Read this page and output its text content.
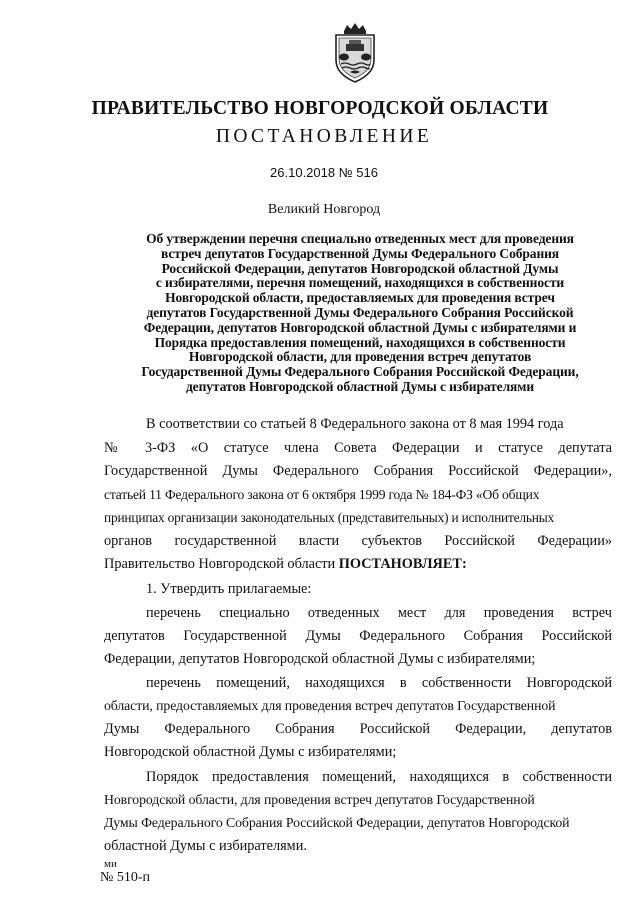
ПРАВИТЕЛЬСТВО НОВГОРОДСКОЙ ОБЛАСТИ
ПОСТАНОВЛЕНИЕ
26.10.2018 № 516
Великий Новгород
Об утверждении перечня специально отведенных мест для проведения
встреч депутатов Государственной Думы Федерального Собрания
Российской Федерации, депутатов Новгородской областной Думы
с избирателями, перечня помещений, находящихся в собственности
Новгородской области, предоставляемых для проведения встреч
депутатов Государственной Думы Федерального Собрания Российской
Федерации, депутатов Новгородской областной Думы с избирателями и
Порядка предоставления помещений, находящихся в собственности
Новгородской области, для проведения встреч депутатов
Государственной Думы Федерального Собрания Российской Федерации,
депутатов Новгородской областной Думы с избирателями
В соответствии со статьей 8 Федерального закона от 8 мая 1994 года
№ 3-ФЗ «О статусе члена Совета Федерации и статусе депутата
Государственной Думы Федерального Собрания Российской Федерации»,
статьей 11 Федерального закона от 6 октября 1999 года № 184-ФЗ «Об общих
принципах организации законодательных (представительных) и исполнительных
органов государственной власти субъектов Российской Федерации»
Правительство Новгородской области ПОСТАНОВЛЯЕТ:
1. Утвердить прилагаемые:
перечень специально отведенных мест для проведения встреч
депутатов Государственной Думы Федерального Собрания Российской
Федерации, депутатов Новгородской областной Думы с избирателями;
перечень помещений, находящихся в собственности Новгородской
области, предоставляемых для проведения встреч депутатов Государственной
Думы Федерального Собрания Российской Федерации, депутатов
Новгородской областной Думы с избирателями;
Порядок предоставления помещений, находящихся в собственности
Новгородской области, для проведения встреч депутатов Государственной
Думы Федерального Собрания Российской Федерации, депутатов Новгородской
областной Думы с избирателями.
ми
№ 510-п
